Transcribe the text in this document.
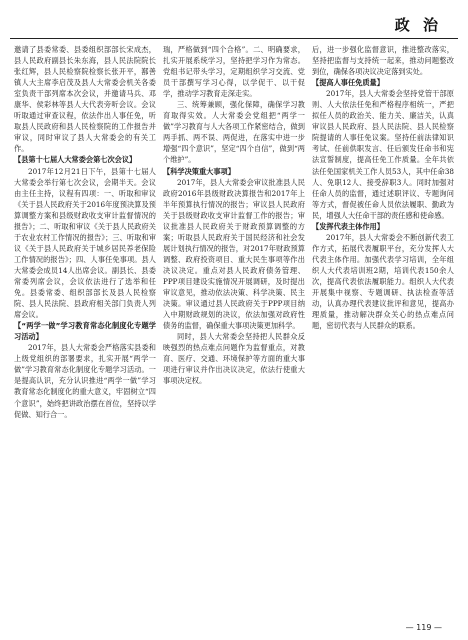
政 治

邀请了县委常委、县委组织部部长宋成杰，县人民政府副县长朱东海，县人民法院院长张红辉，县人民检察院检察长张开平，鄯善镇人大主席李启茂及县人大常委会机关各委室负责干部列席本次会议，并邀请马兵、邓康华、侯彩林等县人大代表旁听会议。会议听取通过审查议程，依法作出人事任免，听取县人民政府和县人民检察院的工作报告并审议，同时审议了县人大常委会的有关工作。

【县第十七届人大常委会第七次会议】

2017年12月21日下午，县第十七届人大常委会举行第七次会议，会期半天。会议由主任主持，议程有四项：一、听取和审议《关于县人民政府关于2016年度预决算及预算调整方案和县级财政收支审计监督情况的报告》；二、听取和审议《关于县人民政府关于农业农村工作情况的报告》；三、听取和审议《关于县人民政府关于城乡居民养老保险工作情况的报告》；四、人事任免事项。县人大常委会成员14人出席会议。副县长、县委常委列席会议，会议依法进行了选举和任免。县委常委、组织部部长及县人民检察院、县人民法院、县政府相关部门负责人列席会议。

【“两学一做”学习教育常态化制度化专题学习活动】

2017年，县人大常委会严格落实县委和上级党组织的部署要求，扎实开展“两学一做”学习教育常态化制度化专题学习活动。一是提高认识，充分认识推进“两学一做”学习教育常态化制度化的重大意义，牢固树立“四个意识”，始终把讲政治摆在首位，坚持以学促做、知行合一。

瑞，严格做到“四个合格”。二、明确要求，扎实开展系统学习，坚持把学习作为常态。党组书记带头学习，定期组织学习交流、党员干部撰写学习心得，以学促干、以干促学，推动学习教育走深走实。

三、统筹兼顾，强化保障，确保学习教育取得实效。人大常委会党组把“两学一做”学习教育与人大各项工作紧密结合，做到两手抓、两不误、两促进，在落实中进一步增强“四个意识”，坚定“四个自信”，做到“两个维护”。

【科学决策重大事项】

2017年，县人大常委会审议批准县人民政府2016年县级财政决算报告和2017年上半年预算执行情况的报告；审议县人民政府关于县级财政收支审计监督工作的报告；审议批准县人民政府关于财政预算调整的方案；听取县人民政府关于国民经济和社会发展计划执行情况的报告，对2017年财政预算调整、政府投资项目、重大民生事项等作出决议决定。重点对县人民政府债务管理、PPP项目建设实施情况开展调研，及时提出审议意见，推动依法决策、科学决策、民主决策。审议通过县人民政府关于PPP项目纳入中期财政规划的决议，依法加强对政府性债务的监督，确保重大事项决策更加科学。

同时，县人大常委会坚持把人民群众反映强烈的热点难点问题作为监督重点，对教育、医疗、交通、环境保护等方面的重大事项进行审议并作出决议决定，依法行使重大事项决定权。

后，进一步强化监督意识，推进整改落实，坚持把监督与支持统一起来，推动问题整改到位，确保各项决议决定落到实处。

【提高人事任免质量】

2017年，县人大常委会坚持党管干部原则、人大依法任免和严格程序相统一，严把拟任人员的政治关、能力关、廉洁关，认真审议县人民政府、县人民法院、县人民检察院提请的人事任免议案。坚持任前法律知识考试、任前供职发言、任后颁发任命书和宪法宣誓制度，提高任免工作质量。全年共依法任免国家机关工作人员53人，其中任命38人、免职12人、接受辞职3人。同时加强对任命人员的监督，通过述职评议、专题询问等方式，督促被任命人员依法履职、勤政为民，增强人大任命干部的责任感和使命感。

【发挥代表主体作用】

2017年，县人大常委会不断创新代表工作方式，拓展代表履职平台，充分发挥人大代表主体作用。加强代表学习培训，全年组织人大代表培训班2期，培训代表150余人次，提高代表依法履职能力。组织人大代表开展集中视察、专题调研、执法检查等活动，认真办理代表建议批评和意见，提高办理质量，推动解决群众关心的热点难点问题，密切代表与人民群众的联系。

— 119 —
